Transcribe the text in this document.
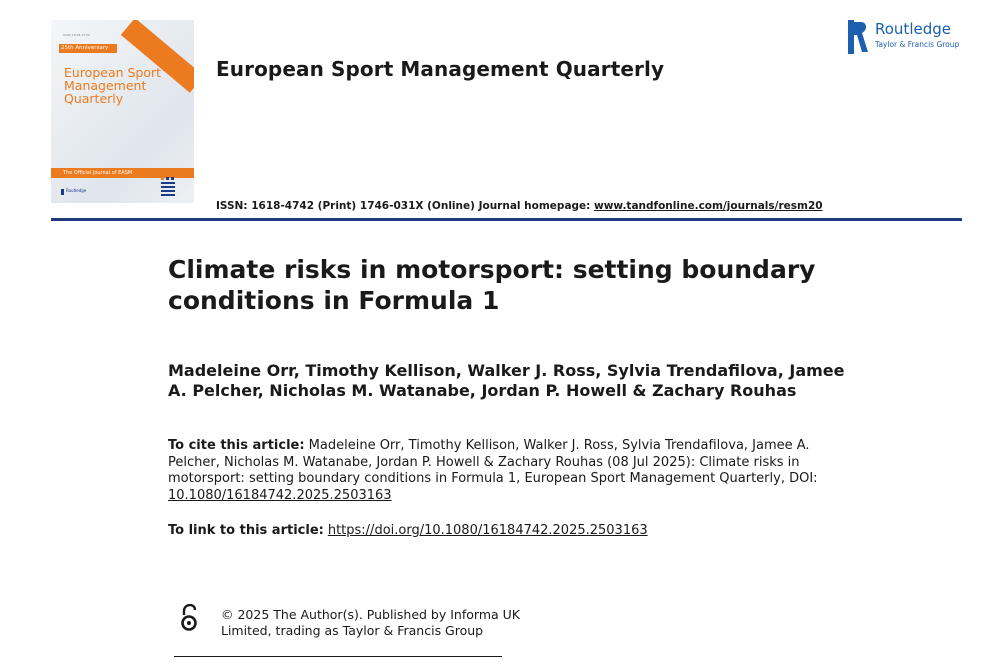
ISSN 1618-4742
25th Anniversary
European Sport
Management
Quarterly
The Official Journal of EASM
Routledge
European Sport Management Quarterly
Routledge
Taylor & Francis Group
ISSN: 1618-4742 (Print) 1746-031X (Online) Journal homepage: www.tandfonline.com/journals/resm20
Climate risks in motorsport: setting boundary conditions in Formula 1
Madeleine Orr, Timothy Kellison, Walker J. Ross, Sylvia Trendafilova, Jamee A. Pelcher, Nicholas M. Watanabe, Jordan P. Howell & Zachary Rouhas
To cite this article: Madeleine Orr, Timothy Kellison, Walker J. Ross, Sylvia Trendafilova, Jamee A. Pelcher, Nicholas M. Watanabe, Jordan P. Howell & Zachary Rouhas (08 Jul 2025): Climate risks in motorsport: setting boundary conditions in Formula 1, European Sport Management Quarterly, DOI: 10.1080/16184742.2025.2503163
To link to this article: https://doi.org/10.1080/16184742.2025.2503163
© 2025 The Author(s). Published by Informa UK Limited, trading as Taylor & Francis Group
